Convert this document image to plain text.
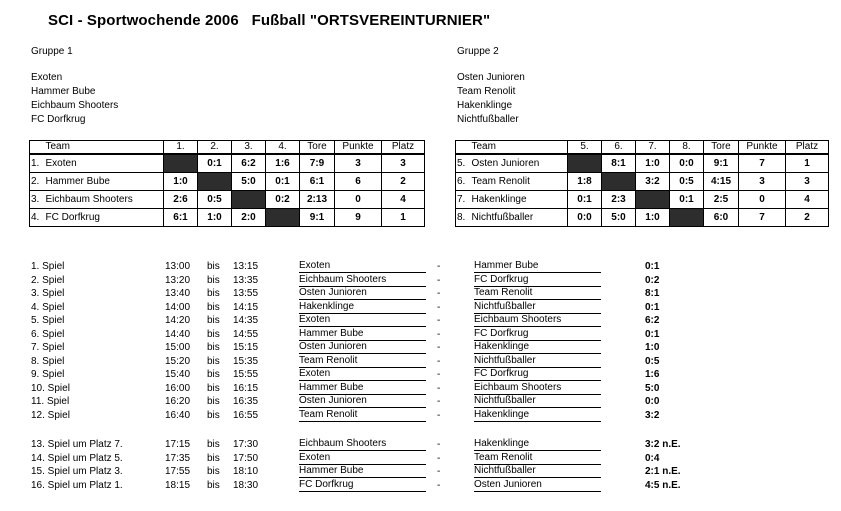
SCI - Sportwochende 2006   Fußball "ORTSVEREINTURNIER"
Gruppe 1
Exoten
Hammer Bube
Eichbaum Shooters
FC Dorfkrug
Gruppe 2
Osten Junioren
Team Renolit
Hakenklinge
Nichtfußballer
	Team	1.	2.	3.	4.	Tore	Punkte	Platz
1.	Exoten		0:1	6:2	1:6	7:9	3	3
2.	Hammer Bube	1:0		5:0	0:1	6:1	6	2
3.	Eichbaum Shooters	2:6	0:5		0:2	2:13	0	4
4.	FC Dorfkrug	6:1	1:0	2:0		9:1	9	1
	Team	5.	6.	7.	8.	Tore	Punkte	Platz
5.	Osten Junioren		8:1	1:0	0:0	9:1	7	1
6.	Team Renolit	1:8		3:2	0:5	4:15	3	3
7.	Hakenklinge	0:1	2:3		0:1	2:5	0	4
8.	Nichtfußballer	0:0	5:0	1:0		6:0	7	2
1. Spiel	13:00 bis 13:15	Exoten	-	Hammer Bube	0:1
2. Spiel	13:20 bis 13:35	Eichbaum Shooters	-	FC Dorfkrug	0:2
3. Spiel	13:40 bis 13:55	Osten Junioren	-	Team Renolit	8:1
4. Spiel	14:00 bis 14:15	Hakenklinge	-	Nichtfußballer	0:1
5. Spiel	14:20 bis 14:35	Exoten	-	Eichbaum Shooters	6:2
6. Spiel	14:40 bis 14:55	Hammer Bube	-	FC Dorfkrug	0:1
7. Spiel	15:00 bis 15:15	Osten Junioren	-	Hakenklinge	1:0
8. Spiel	15:20 bis 15:35	Team Renolit	-	Nichtfußballer	0:5
9. Spiel	15:40 bis 15:55	Exoten	-	FC Dorfkrug	1:6
10. Spiel	16:00 bis 16:15	Hammer Bube	-	Eichbaum Shooters	5:0
11. Spiel	16:20 bis 16:35	Osten Junioren	-	Nichtfußballer	0:0
12. Spiel	16:40 bis 16:55	Team Renolit	-	Hakenklinge	3:2
13. Spiel um Platz 7.	17:15 bis 17:30	Eichbaum Shooters	-	Hakenklinge	3:2 n.E.
14. Spiel um Platz 5.	17:35 bis 17:50	Exoten	-	Team Renolit	0:4
15. Spiel um Platz 3.	17:55 bis 18:10	Hammer Bube	-	Nichtfußballer	2:1 n.E.
16. Spiel um Platz 1.	18:15 bis 18:30	FC Dorfkrug	-	Osten Junioren	4:5 n.E.
